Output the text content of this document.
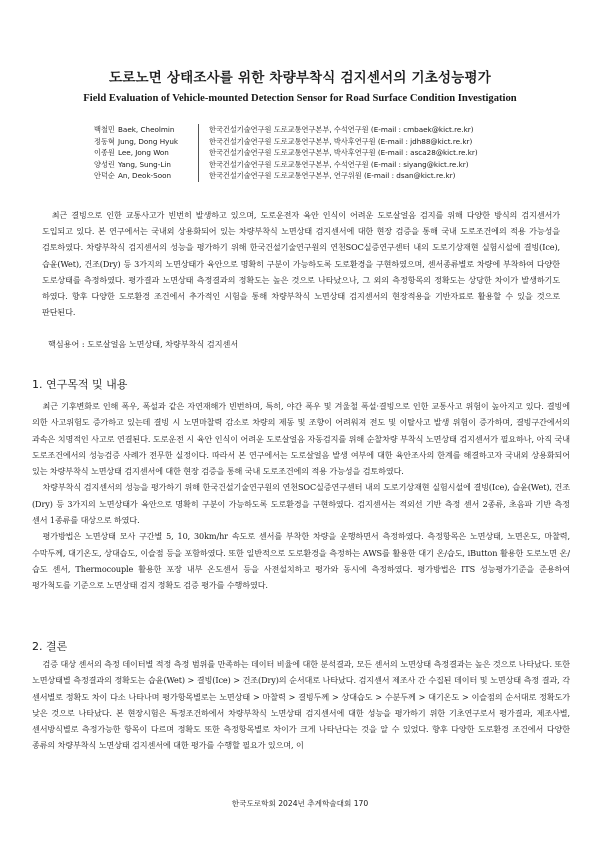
도로노면 상태조사를 위한 차량부착식 검지센서의 기초성능평가
Field Evaluation of Vehicle-mounted Detection Sensor for Road Surface Condition Investigation
백철민 Baek, Cheolmin	한국건설기술연구원 도로교통연구본부, 수석연구원 (E-mail : cmbaek@kict.re.kr)
정동혁 Jung, Dong Hyuk	한국건설기술연구원 도로교통연구본부, 박사후연구원 (E-mail : jdh88@kict.re.kr)
이종원 Lee, Jong Won	한국건설기술연구원 도로교통연구본부, 박사후연구원 (E-mail : asca28@kict.re.kr)
양성린 Yang, Sung-Lin	한국건설기술연구원 도로교통연구본부, 수석연구원 (E-mail : siyang@kict.re.kr)
안덕순 An, Deok-Soon	한국건설기술연구원 도로교통연구본부, 연구위원 (E-mail : dsan@kict.re.kr)
최근 결빙으로 인한 교통사고가 빈번히 발생하고 있으며, 도로운전자 육안 인식이 어려운 도로살얼음 검지를 위해 다양한 방식의 검지센서가 도입되고 있다. 본 연구에서는 국내외 상용화되어 있는 차량부착식 노면상태 검지센서에 대한 현장 검증을 통해 국내 도로조건에의 적용 가능성을 검토하였다. 차량부착식 검지센서의 성능을 평가하기 위해 한국건설기술연구원의 연천SOC실증연구센터 내의 도로기상재현 실험시설에 결빙(Ice), 습윤(Wet), 건조(Dry) 등 3가지의 노면상태가 육안으로 명확히 구분이 가능하도록 도로환경을 구현하였으며, 센서종류별로 차량에 부착하여 다양한 도로상태를 측정하였다. 평가결과 노면상태 측정결과의 정확도는 높은 것으로 나타났으나, 그 외의 측정항목의 정확도는 상당한 차이가 발생하기도 하였다. 향후 다양한 도로환경 조건에서 추가적인 시험을 통해 차량부착식 노면상태 검지센서의 현장적용을 기반자료로 활용할 수 있을 것으로 판단된다.
핵심용어 : 도로살얼음 노면상태, 차량부착식 검지센서
1. 연구목적 및 내용

최근 기후변화로 인해 폭우, 폭설과 같은 자연재해가 빈번하며, 특히, 야간 폭우 및 겨울철 폭설·결빙으로 인한 교통사고 위험이 높아지고 있다. 결빙에 의한 사고위험도 증가하고 있는데 결빙 시 노면마찰력 감소로 차량의 제동 및 조향이 어려워져 전도 및 이탈사고 발생 위험이 증가하며, 결빙구간에서의 과속은 치명적인 사고로 연결된다. 도로운전 시 육안 인식이 어려운 도로살얼음 자동검지를 위해 순찰차량 부착식 노면상태 검지센서가 필요하나, 아직 국내 도로조건에서의 성능검증 사례가 전무한 실정이다. 따라서 본 연구에서는 도로살얼음 발생 여부에 대한 육안조사의 한계를 해결하고자 국내외 상용화되어 있는 차량부착식 노면상태 검지센서에 대한 현장 검증을 통해 국내 도로조건에의 적용 가능성을 검토하였다.

차량부착식 검지센서의 성능을 평가하기 위해 한국건설기술연구원의 연천SOC실증연구센터 내의 도로기상재현 실험시설에 결빙(Ice), 습윤(Wet), 건조(Dry) 등 3가지의 노면상태가 육안으로 명확히 구분이 가능하도록 도로환경을 구현하였다. 검지센서는 적외선 기반 측정 센서 2종류, 초음파 기반 측정 센서 1종류를 대상으로 하였다.

평가방법은 노면상태 모사 구간별 5, 10, 30km/hr 속도로 센서를 부착한 차량을 운행하면서 측정하였다. 측정항목은 노면상태, 노면온도, 마찰력, 수막두께, 대기온도, 상대습도, 이슬점 등을 포함하였다. 또한 일반적으로 도로환경을 측정하는 AWS를 활용한 대기 온/습도, iButton 활용한 도로노면 온/습도 센서, Thermocouple 활용한 포장 내부 온도센서 등을 사전설치하고 평가와 동시에 측정하였다. 평가방법은 ITS 성능평가기준을 준용하여 평가척도를 기준으로 노면상태 검지 정확도 검증 평가를 수행하였다.

2. 결론

검증 대상 센서의 측정 데이터별 적정 측정 범위를 만족하는 데이터 비율에 대한 분석결과, 모든 센서의 노면상태 측정결과는 높은 것으로 나타났다. 또한 노면상태별 측정결과의 정확도는 습윤(Wet) > 결빙(Ice) > 건조(Dry)의 순서대로 나타났다. 검지센서 제조사 간 수집된 데이터 및 노면상태 측정 결과, 각 센서별로 정확도 차이 다소 나타나며 평가항목별로는 노면상태 > 마찰력 > 결빙두께 > 상대습도 > 수분두께 > 대기온도 > 이슬점의 순서대로 정확도가 낮은 것으로 나타났다. 본 현장시험은 특정조건하에서 차량부착식 노면상태 검지센서에 대한 성능을 평가하기 위한 기초연구로서 평가결과, 제조사별, 센서방식별로 측정가능한 항목이 다르며 정확도 또한 측정항목별로 차이가 크게 나타난다는 것을 알 수 있었다. 향후 다양한 도로환경 조건에서 다양한 종류의 차량부착식 노면상태 검지센서에 대한 평가를 수행할 필요가 있으며, 이

한국도로학회 2024년 추계학술대회 170
